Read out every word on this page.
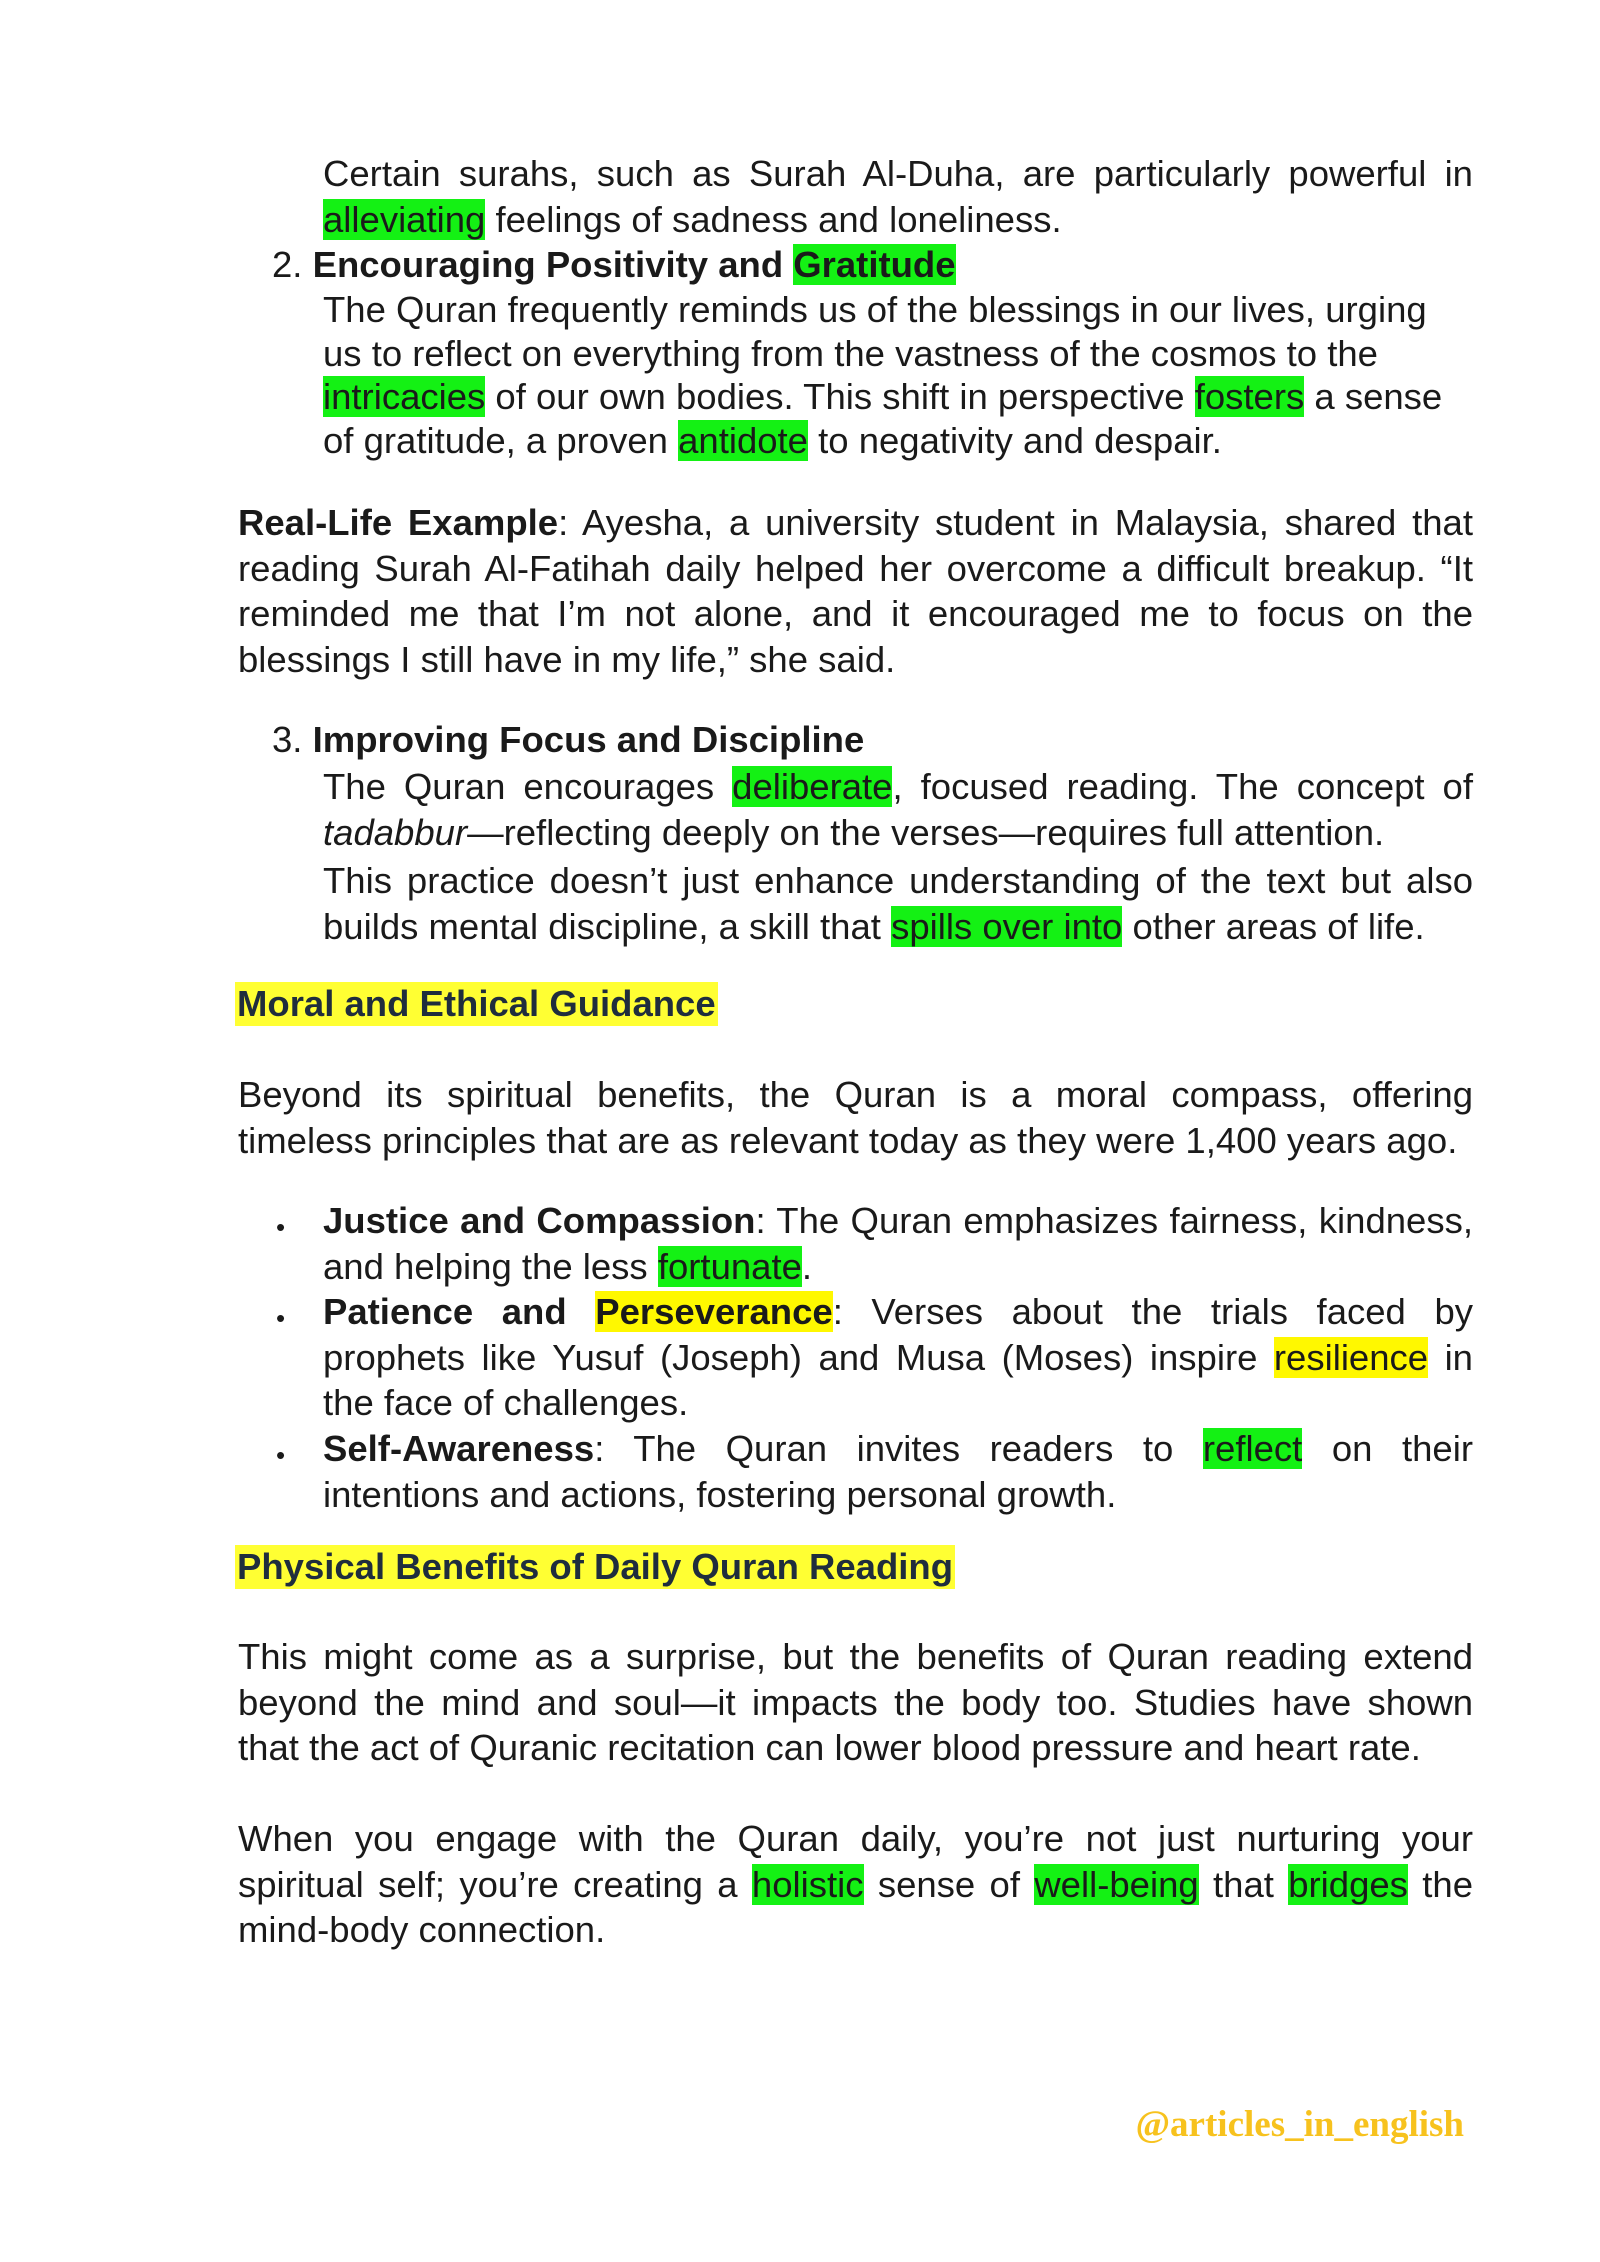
Certain surahs, such as Surah Al-Duha, are particularly powerful in alleviating feelings of sadness and loneliness.

2. Encouraging Positivity and Gratitude

The Quran frequently reminds us of the blessings in our lives, urging us to reflect on everything from the vastness of the cosmos to the intricacies of our own bodies. This shift in perspective fosters a sense of gratitude, a proven antidote to negativity and despair.

Real-Life Example: Ayesha, a university student in Malaysia, shared that reading Surah Al-Fatihah daily helped her overcome a difficult breakup. “It reminded me that I’m not alone, and it encouraged me to focus on the blessings I still have in my life,” she said.

3. Improving Focus and Discipline

The Quran encourages deliberate, focused reading. The concept of tadabbur—reflecting deeply on the verses—requires full attention.

This practice doesn’t just enhance understanding of the text but also builds mental discipline, a skill that spills over into other areas of life.

Moral and Ethical Guidance

Beyond its spiritual benefits, the Quran is a moral compass, offering timeless principles that are as relevant today as they were 1,400 years ago.

• Justice and Compassion: The Quran emphasizes fairness, kindness, and helping the less fortunate.

• Patience and Perseverance: Verses about the trials faced by prophets like Yusuf (Joseph) and Musa (Moses) inspire resilience in the face of challenges.

• Self-Awareness: The Quran invites readers to reflect on their intentions and actions, fostering personal growth.

Physical Benefits of Daily Quran Reading

This might come as a surprise, but the benefits of Quran reading extend beyond the mind and soul—it impacts the body too. Studies have shown that the act of Quranic recitation can lower blood pressure and heart rate.

When you engage with the Quran daily, you’re not just nurturing your spiritual self; you’re creating a holistic sense of well-being that bridges the mind-body connection.

@articles_in_english
